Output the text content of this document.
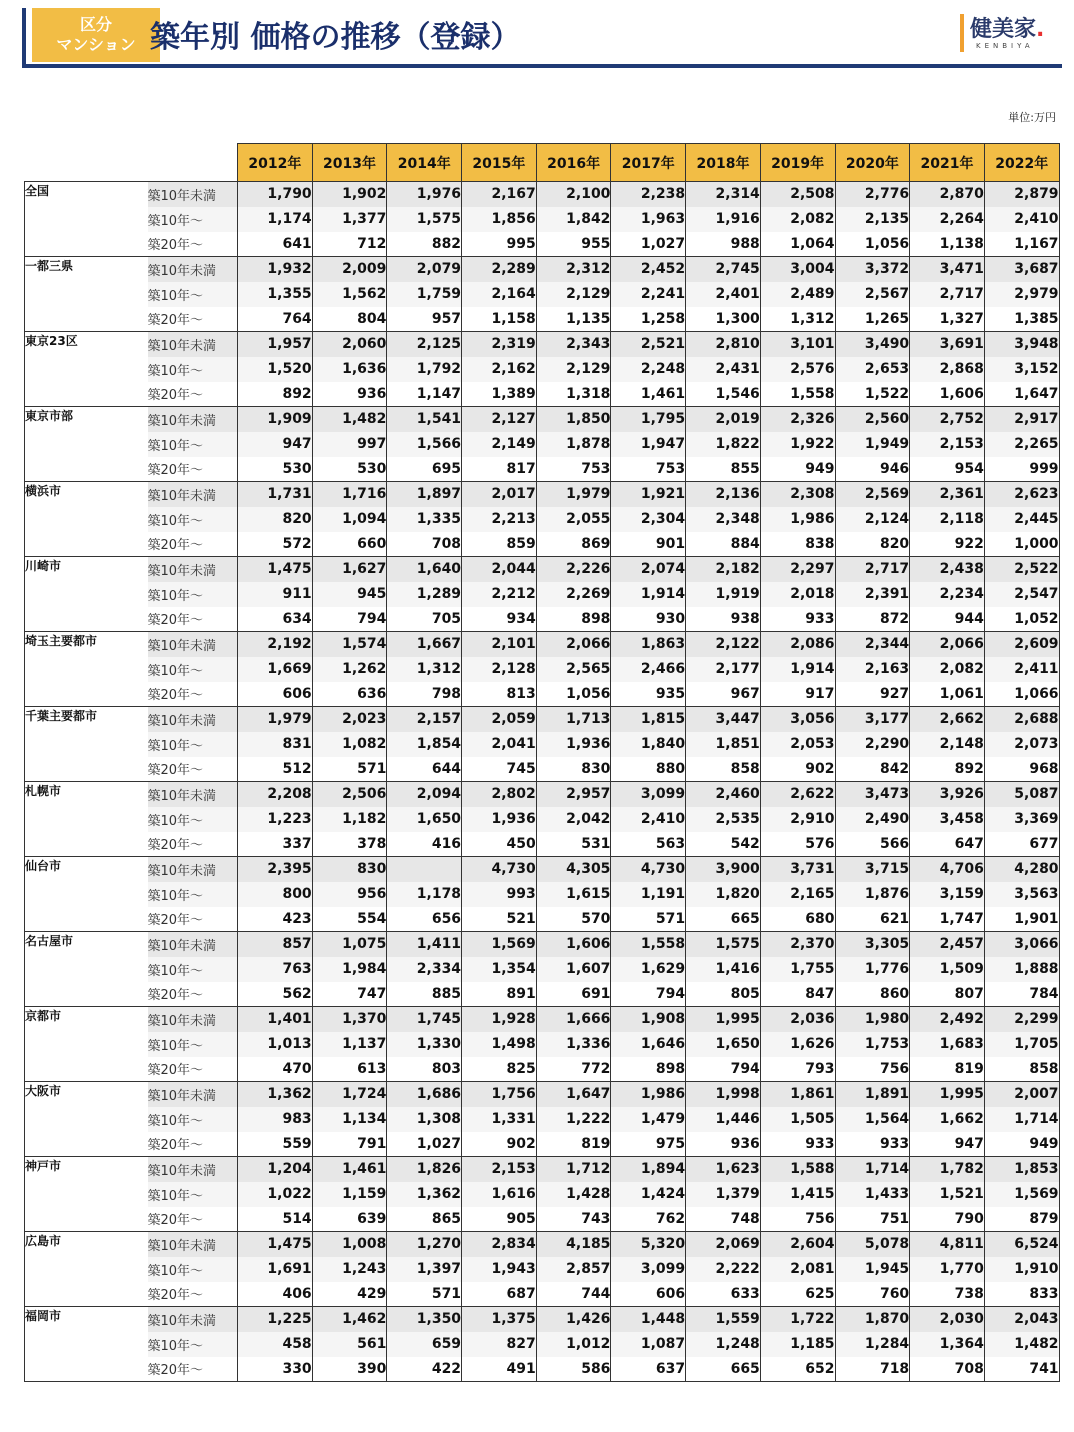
区分
マンション 築年別 価格の推移（登録）	健美家.
KENBIYA
単位:万円
		2012年	2013年	2014年	2015年	2016年	2017年	2018年	2019年	2020年	2021年	2022年
全国	築10年未満	1,790	1,902	1,976	2,167	2,100	2,238	2,314	2,508	2,776	2,870	2,879
	築10年～	1,174	1,377	1,575	1,856	1,842	1,963	1,916	2,082	2,135	2,264	2,410
	築20年～	641	712	882	995	955	1,027	988	1,064	1,056	1,138	1,167
一都三県	築10年未満	1,932	2,009	2,079	2,289	2,312	2,452	2,745	3,004	3,372	3,471	3,687
	築10年～	1,355	1,562	1,759	2,164	2,129	2,241	2,401	2,489	2,567	2,717	2,979
	築20年～	764	804	957	1,158	1,135	1,258	1,300	1,312	1,265	1,327	1,385
東京23区	築10年未満	1,957	2,060	2,125	2,319	2,343	2,521	2,810	3,101	3,490	3,691	3,948
	築10年～	1,520	1,636	1,792	2,162	2,129	2,248	2,431	2,576	2,653	2,868	3,152
	築20年～	892	936	1,147	1,389	1,318	1,461	1,546	1,558	1,522	1,606	1,647
東京市部	築10年未満	1,909	1,482	1,541	2,127	1,850	1,795	2,019	2,326	2,560	2,752	2,917
	築10年～	947	997	1,566	2,149	1,878	1,947	1,822	1,922	1,949	2,153	2,265
	築20年～	530	530	695	817	753	753	855	949	946	954	999
横浜市	築10年未満	1,731	1,716	1,897	2,017	1,979	1,921	2,136	2,308	2,569	2,361	2,623
	築10年～	820	1,094	1,335	2,213	2,055	2,304	2,348	1,986	2,124	2,118	2,445
	築20年～	572	660	708	859	869	901	884	838	820	922	1,000
川崎市	築10年未満	1,475	1,627	1,640	2,044	2,226	2,074	2,182	2,297	2,717	2,438	2,522
	築10年～	911	945	1,289	2,212	2,269	1,914	1,919	2,018	2,391	2,234	2,547
	築20年～	634	794	705	934	898	930	938	933	872	944	1,052
埼玉主要都市	築10年未満	2,192	1,574	1,667	2,101	2,066	1,863	2,122	2,086	2,344	2,066	2,609
	築10年～	1,669	1,262	1,312	2,128	2,565	2,466	2,177	1,914	2,163	2,082	2,411
	築20年～	606	636	798	813	1,056	935	967	917	927	1,061	1,066
千葉主要都市	築10年未満	1,979	2,023	2,157	2,059	1,713	1,815	3,447	3,056	3,177	2,662	2,688
	築10年～	831	1,082	1,854	2,041	1,936	1,840	1,851	2,053	2,290	2,148	2,073
	築20年～	512	571	644	745	830	880	858	902	842	892	968
札幌市	築10年未満	2,208	2,506	2,094	2,802	2,957	3,099	2,460	2,622	3,473	3,926	5,087
	築10年～	1,223	1,182	1,650	1,936	2,042	2,410	2,535	2,910	2,490	3,458	3,369
	築20年～	337	378	416	450	531	563	542	576	566	647	677
仙台市	築10年未満	2,395	830		4,730	4,305	4,730	3,900	3,731	3,715	4,706	4,280
	築10年～	800	956	1,178	993	1,615	1,191	1,820	2,165	1,876	3,159	3,563
	築20年～	423	554	656	521	570	571	665	680	621	1,747	1,901
名古屋市	築10年未満	857	1,075	1,411	1,569	1,606	1,558	1,575	2,370	3,305	2,457	3,066
	築10年～	763	1,984	2,334	1,354	1,607	1,629	1,416	1,755	1,776	1,509	1,888
	築20年～	562	747	885	891	691	794	805	847	860	807	784
京都市	築10年未満	1,401	1,370	1,745	1,928	1,666	1,908	1,995	2,036	1,980	2,492	2,299
	築10年～	1,013	1,137	1,330	1,498	1,336	1,646	1,650	1,626	1,753	1,683	1,705
	築20年～	470	613	803	825	772	898	794	793	756	819	858
大阪市	築10年未満	1,362	1,724	1,686	1,756	1,647	1,986	1,998	1,861	1,891	1,995	2,007
	築10年～	983	1,134	1,308	1,331	1,222	1,479	1,446	1,505	1,564	1,662	1,714
	築20年～	559	791	1,027	902	819	975	936	933	933	947	949
神戸市	築10年未満	1,204	1,461	1,826	2,153	1,712	1,894	1,623	1,588	1,714	1,782	1,853
	築10年～	1,022	1,159	1,362	1,616	1,428	1,424	1,379	1,415	1,433	1,521	1,569
	築20年～	514	639	865	905	743	762	748	756	751	790	879
広島市	築10年未満	1,475	1,008	1,270	2,834	4,185	5,320	2,069	2,604	5,078	4,811	6,524
	築10年～	1,691	1,243	1,397	1,943	2,857	3,099	2,222	2,081	1,945	1,770	1,910
	築20年～	406	429	571	687	744	606	633	625	760	738	833
福岡市	築10年未満	1,225	1,462	1,350	1,375	1,426	1,448	1,559	1,722	1,870	2,030	2,043
	築10年～	458	561	659	827	1,012	1,087	1,248	1,185	1,284	1,364	1,482
	築20年～	330	390	422	491	586	637	665	652	718	708	741
